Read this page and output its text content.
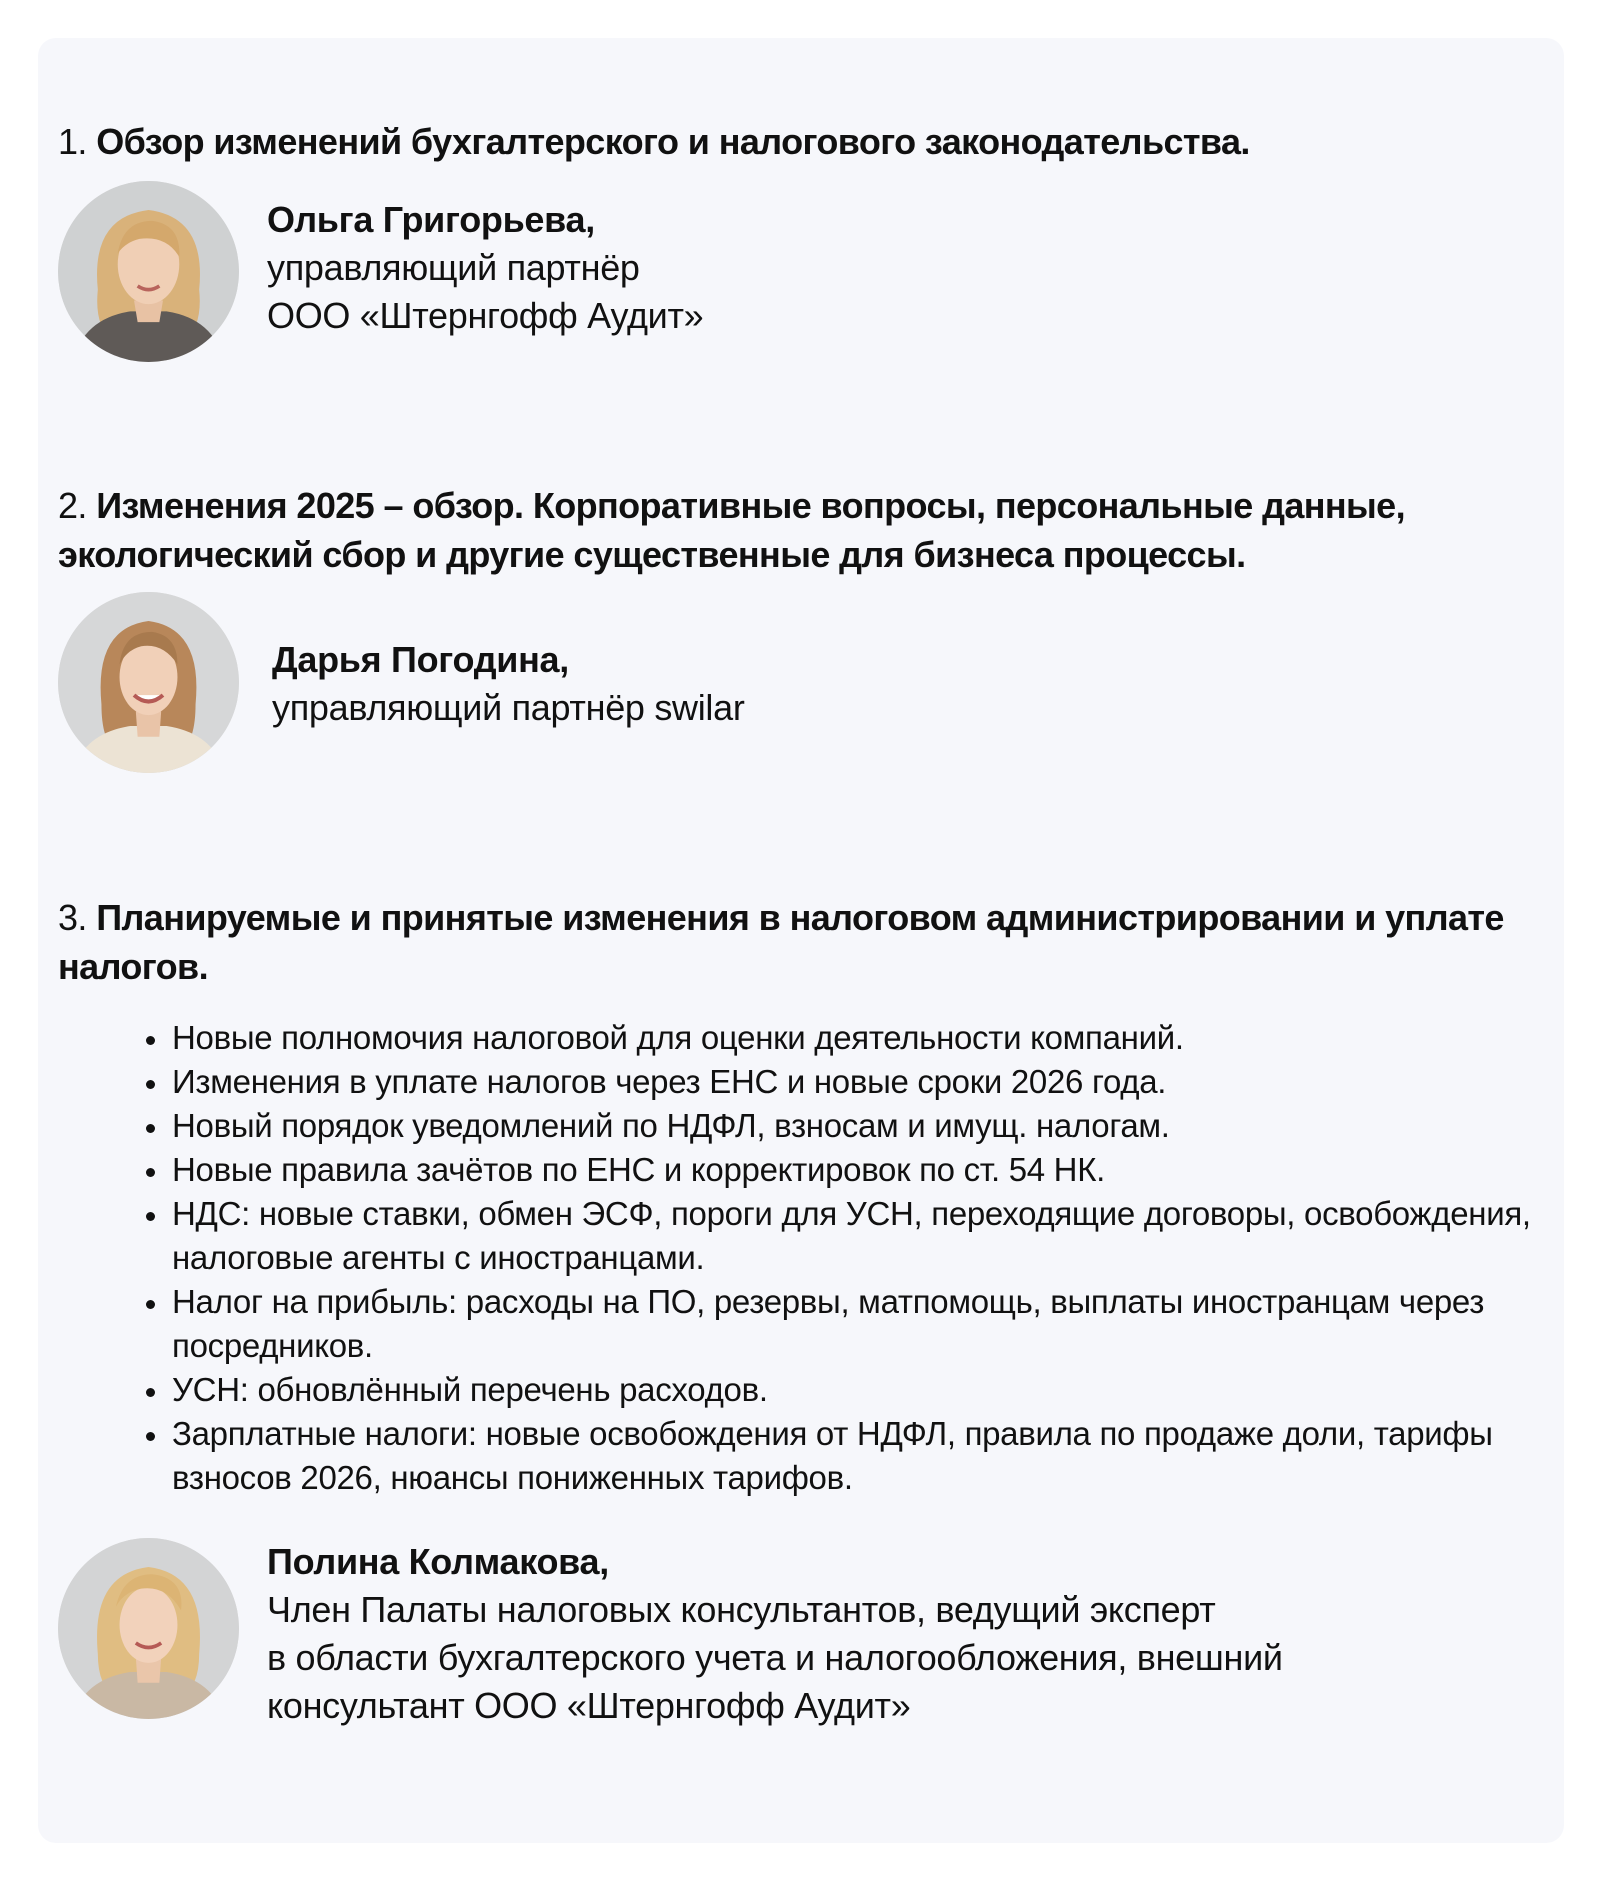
1. Обзор изменений бухгалтерского и налогового законодательства.
Ольга Григорьева,
управляющий партнёр
ООО «Штернгофф Аудит»
2. Изменения 2025 – обзор. Корпоративные вопросы, персональные данные, экологический сбор и другие существенные для бизнеса процессы.
Дарья Погодина,
управляющий партнёр swilar
3. Планируемые и принятые изменения в налоговом администрировании и уплате налогов.
• Новые полномочия налоговой для оценки деятельности компаний.
• Изменения в уплате налогов через ЕНС и новые сроки 2026 года.
• Новый порядок уведомлений по НДФЛ, взносам и имущ. налогам.
• Новые правила зачётов по ЕНС и корректировок по ст. 54 НК.
• НДС: новые ставки, обмен ЭСФ, пороги для УСН, переходящие договоры, освобождения, налоговые агенты с иностранцами.
• Налог на прибыль: расходы на ПО, резервы, матпомощь, выплаты иностранцам через посредников.
• УСН: обновлённый перечень расходов.
• Зарплатные налоги: новые освобождения от НДФЛ, правила по продаже доли, тарифы взносов 2026, нюансы пониженных тарифов.
Полина Колмакова,
Член Палаты налоговых консультантов, ведущий эксперт
в области бухгалтерского учета и налогообложения, внешний
консультант ООО «Штернгофф Аудит»
